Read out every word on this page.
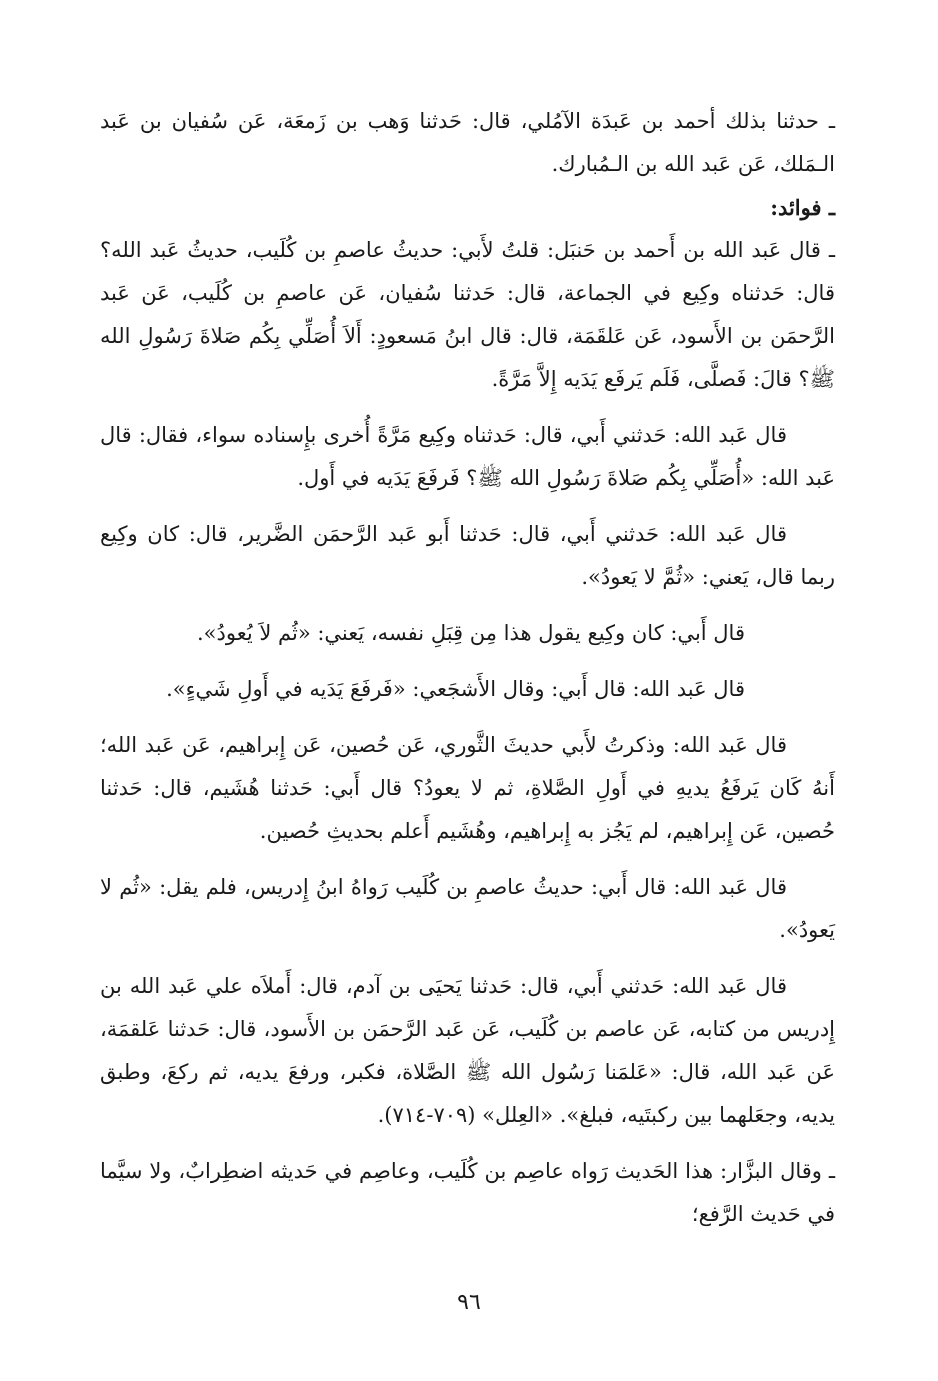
ـ حدثنا بذلك أحمد بن عَبدَة الآمُلي، قال: حَدثنا وَهب بن زَمعَة، عَن سُفيان بن عَبد الـمَلك، عَن عَبد الله بن الـمُبارك.

ـ فوائد:

ـ قال عَبد الله بن أَحمد بن حَنبَل: قلتُ لأَبي: حديثُ عاصمِ بن كُلَيب، حديثُ عَبد الله؟ قال: حَدثناه وكِيع في الجماعة، قال: حَدثنا سُفيان، عَن عاصمِ بن كُلَيب، عَن عَبد الرَّحمَن بن الأَسود، عَن عَلقَمَة، قال: قال ابنُ مَسعودٍ: أَلاَ أُصَلِّي بِكُم صَلاةَ رَسُولِ الله ﷺ؟ قالَ: فَصلَّى، فَلَم يَرفَع يَدَيه إِلاَّ مَرَّةً.

قال عَبد الله: حَدثني أَبي، قال: حَدثناه وكِيع مَرَّةً أُخرى بإِسناده سواء، فقال: قال عَبد الله: «أُصَلِّي بِكُم صَلاةَ رَسُولِ الله ﷺ؟ فَرفَعَ يَدَيه في أَول.

قال عَبد الله: حَدثني أَبي، قال: حَدثنا أَبو عَبد الرَّحمَن الضَّرير، قال: كان وكِيع ربما قال، يَعني: «ثُمَّ لا يَعودُ».

قال أَبي: كان وكِيع يقول هذا مِن قِبَلِ نفسه، يَعني: «ثُم لاَ يُعودُ».

قال عَبد الله: قال أَبي: وقال الأَشجَعي: «فَرفَعَ يَدَيه في أَولِ شَيءٍ».

قال عَبد الله: وذكرتُ لأَبي حديثَ الثَّوري، عَن حُصين، عَن إِبراهيم، عَن عَبد الله؛ أَنهُ كَان يَرفَعُ يديهِ في أَولِ الصَّلاةِ، ثم لا يعودُ؟ قال أَبي: حَدثنا هُشَيم، قال: حَدثنا حُصين، عَن إِبراهيم، لم يَجُز به إِبراهيم، وهُشَيم أَعلم بحديثِ حُصين.

قال عَبد الله: قال أَبي: حديثُ عاصمِ بن كُلَيب رَواهُ ابنُ إِدريس، فلم يقل: «ثُم لا يَعودُ».

قال عَبد الله: حَدثني أَبي، قال: حَدثنا يَحيَى بن آدم، قال: أَملاَه علي عَبد الله بن إِدريس من كتابه، عَن عاصم بن كُلَيب، عَن عَبد الرَّحمَن بن الأَسود، قال: حَدثنا عَلقمَة، عَن عَبد الله، قال: «عَلمَنا رَسُول الله ﷺ الصَّلاة، فكبر، ورفعَ يديه، ثم ركعَ، وطبق يديه، وجعَلهما بين ركبتَيه، فبلغ». «العِلل» (٧٠٩-٧١٤).

ـ وقال البزَّار: هذا الحَديث رَواه عاصِم بن كُلَيب، وعاصِم في حَديثه اضطِرابٌ، ولا سيَّما في حَديث الرَّفع؛

٩٦
